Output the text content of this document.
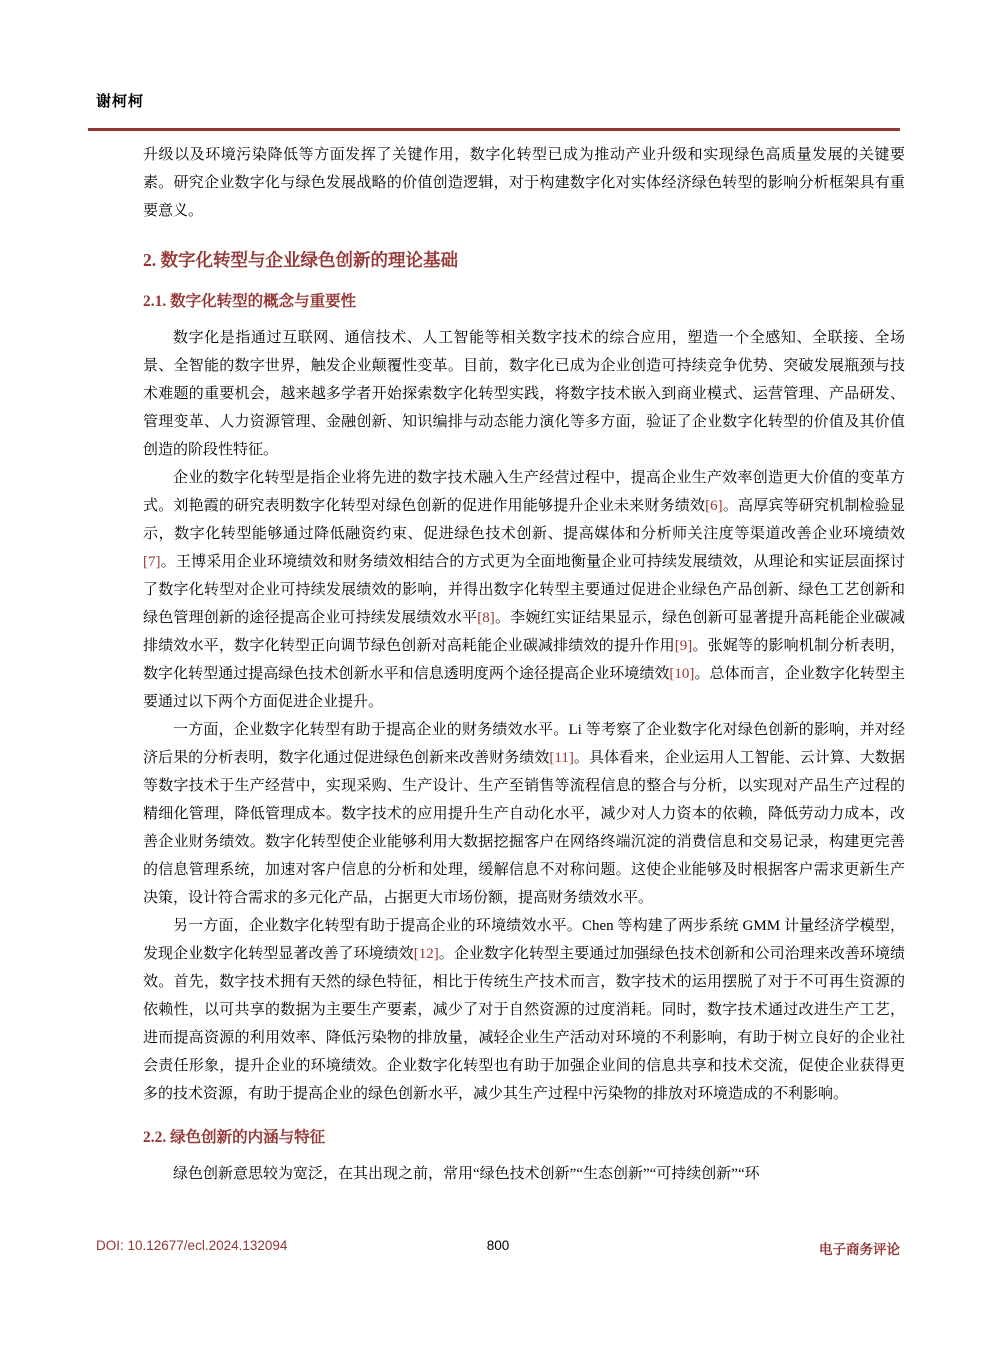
谢柯柯

升级以及环境污染降低等方面发挥了关键作用，数字化转型已成为推动产业升级和实现绿色高质量发展的关键要素。研究企业数字化与绿色发展战略的价值创造逻辑，对于构建数字化对实体经济绿色转型的影响分析框架具有重要意义。

2. 数字化转型与企业绿色创新的理论基础
2.1. 数字化转型的概念与重要性

数字化是指通过互联网、通信技术、人工智能等相关数字技术的综合应用，塑造一个全感知、全联接、全场景、全智能的数字世界，触发企业颠覆性变革。目前，数字化已成为企业创造可持续竞争优势、突破发展瓶颈与技术难题的重要机会，越来越多学者开始探索数字化转型实践，将数字技术嵌入到商业模式、运营管理、产品研发、管理变革、人力资源管理、金融创新、知识编排与动态能力演化等多方面，验证了企业数字化转型的价值及其价值创造的阶段性特征。

企业的数字化转型是指企业将先进的数字技术融入生产经营过程中，提高企业生产效率创造更大价值的变革方式。刘艳霞的研究表明数字化转型对绿色创新的促进作用能够提升企业未来财务绩效[6]。高厚宾等研究机制检验显示，数字化转型能够通过降低融资约束、促进绿色技术创新、提高媒体和分析师关注度等渠道改善企业环境绩效[7]。王博采用企业环境绩效和财务绩效相结合的方式更为全面地衡量企业可持续发展绩效，从理论和实证层面探讨了数字化转型对企业可持续发展绩效的影响，并得出数字化转型主要通过促进企业绿色产品创新、绿色工艺创新和绿色管理创新的途径提高企业可持续发展绩效水平[8]。李婉红实证结果显示，绿色创新可显著提升高耗能企业碳减排绩效水平，数字化转型正向调节绿色创新对高耗能企业碳减排绩效的提升作用[9]。张娓等的影响机制分析表明，数字化转型通过提高绿色技术创新水平和信息透明度两个途径提高企业环境绩效[10]。总体而言，企业数字化转型主要通过以下两个方面促进企业提升。

一方面，企业数字化转型有助于提高企业的财务绩效水平。Li 等考察了企业数字化对绿色创新的影响，并对经济后果的分析表明，数字化通过促进绿色创新来改善财务绩效[11]。具体看来，企业运用人工智能、云计算、大数据等数字技术于生产经营中，实现采购、生产设计、生产至销售等流程信息的整合与分析，以实现对产品生产过程的精细化管理，降低管理成本。数字技术的应用提升生产自动化水平，减少对人力资本的依赖，降低劳动力成本，改善企业财务绩效。数字化转型使企业能够利用大数据挖掘客户在网络终端沉淀的消费信息和交易记录，构建更完善的信息管理系统，加速对客户信息的分析和处理，缓解信息不对称问题。这使企业能够及时根据客户需求更新生产决策，设计符合需求的多元化产品，占据更大市场份额，提高财务绩效水平。

另一方面，企业数字化转型有助于提高企业的环境绩效水平。Chen 等构建了两步系统 GMM 计量经济学模型，发现企业数字化转型显著改善了环境绩效[12]。企业数字化转型主要通过加强绿色技术创新和公司治理来改善环境绩效。首先，数字技术拥有天然的绿色特征，相比于传统生产技术而言，数字技术的运用摆脱了对于不可再生资源的依赖性，以可共享的数据为主要生产要素，减少了对于自然资源的过度消耗。同时，数字技术通过改进生产工艺，进而提高资源的利用效率、降低污染物的排放量，减轻企业生产活动对环境的不利影响，有助于树立良好的企业社会责任形象，提升企业的环境绩效。企业数字化转型也有助于加强企业间的信息共享和技术交流，促使企业获得更多的技术资源，有助于提高企业的绿色创新水平，减少其生产过程中污染物的排放对环境造成的不利影响。

2.2. 绿色创新的内涵与特征

绿色创新意思较为宽泛，在其出现之前，常用“绿色技术创新”“生态创新”“可持续创新”“环

DOI: 10.12677/ecl.2024.132094	800	电子商务评论
